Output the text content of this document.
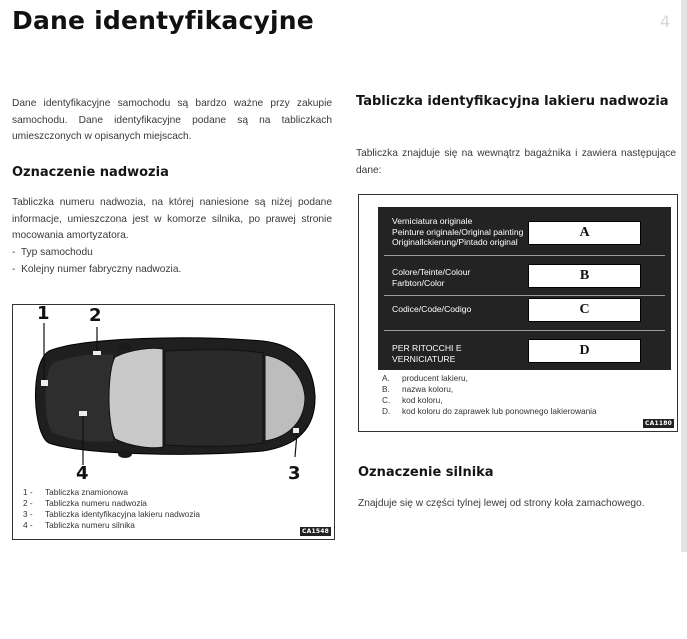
Dane identyfikacyjne	4
Dane identyfikacyjne samochodu są bardzo ważne przy zakupie samochodu. Dane identyfikacyjne podane są na tabliczkach umieszczonych w opisanych miejscach.
Oznaczenie nadwozia
Tabliczka numeru nadwozia, na której naniesione są niżej podane informacje, umieszczona jest w komorze silnika, po prawej stronie mocowania amortyzatora.
-  Typ samochodu
-  Kolejny numer fabryczny nadwozia.
1 2
3
4
1 - Tabliczka znamionowa
2 - Tabliczka numeru nadwozia
3 - Tabliczka identyfikacyjna lakieru nadwozia
4 - Tabliczka numeru silnika
CA1548
Tabliczka identyfikacyjna lakieru nadwozia
Tabliczka znajduje się na wewnątrz bagażnika i zawiera następujące dane:
CA1180
Verniciatura originale
Peinture originale/Original painting
Originallckierung/Pintado original
A
Colore/Teinte/Colour
Farbton/Color	B
Codice/Code/Codigo	C
PER RITOCCHI E
VERNICIATURE
D
A. producent lakieru,
B. nazwa koloru,
C. kod koloru,
D. kod koloru do zaprawek lub ponownego lakierowania
Oznaczenie silnika
Znajduje się w części tylnej lewej od strony koła zamachowego.
